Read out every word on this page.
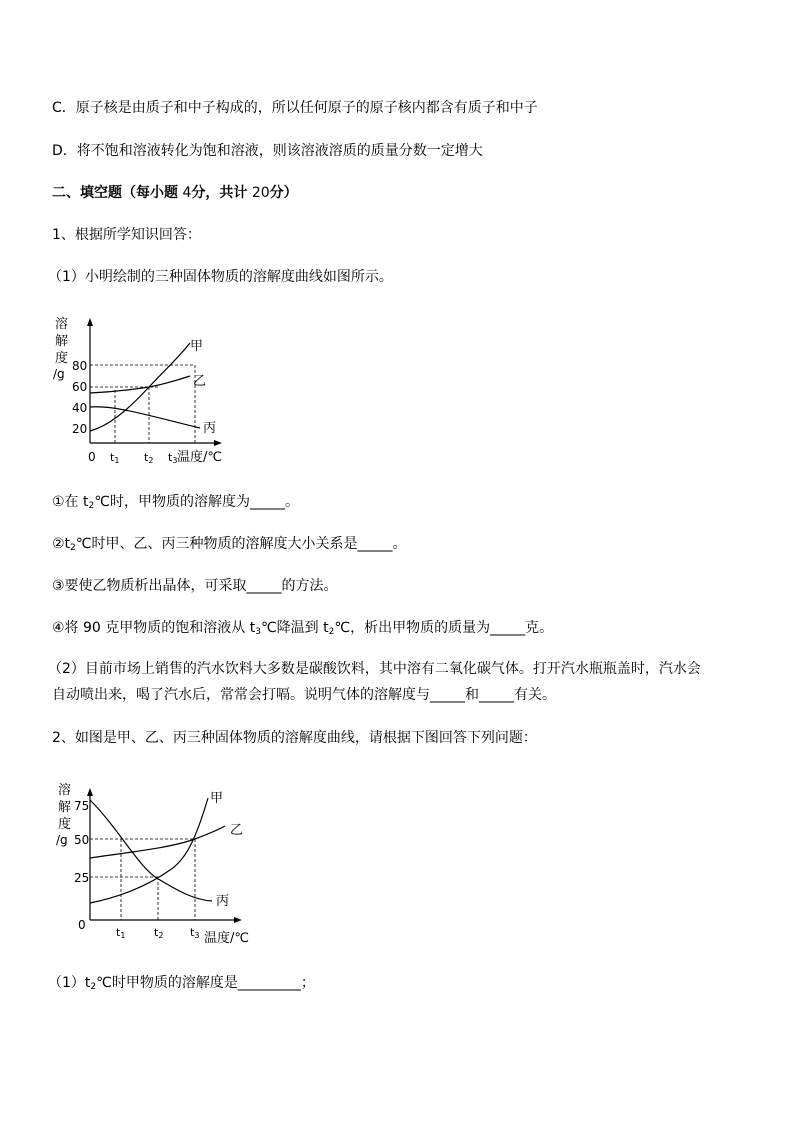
C．原子核是由质子和中子构成的，所以任何原子的原子核内都含有质子和中子
D．将不饱和溶液转化为饱和溶液，则该溶液溶质的质量分数一定增大
二、填空题（每小题 4分，共计 20分）
1、根据所学知识回答：
（1）小明绘制的三种固体物质的溶解度曲线如图所示。
溶
解
度
/g
80
60
40
20
0 t1 t2 t3 温度/℃
甲
乙
丙
①在 $t_2℃$时，甲物质的溶解度为_____。
$②t_2℃$时甲、乙、丙三种物质的溶解度大小关系是_____。
③要使乙物质析出晶体，可采取_____的方法。
④将 90 克甲物质的饱和溶液从 $t_3℃$降温到 $t_2℃$，析出甲物质的质量为_____克。
（2）目前市场上销售的汽水饮料大多数是碳酸饮料，其中溶有二氧化碳气体。打开汽水瓶瓶盖时，汽水会
自动喷出来，喝了汽水后，常常会打嗝。说明气体的溶解度与_____和_____有关。
2、如图是甲、乙、丙三种固体物质的溶解度曲线，请根据下图回答下列问题：
溶
解
度
/g
75
50
25
0
t1	t2 t3 温度/℃
甲
乙
丙
$(1)t_2℃$时甲物质的溶解度是_________；
